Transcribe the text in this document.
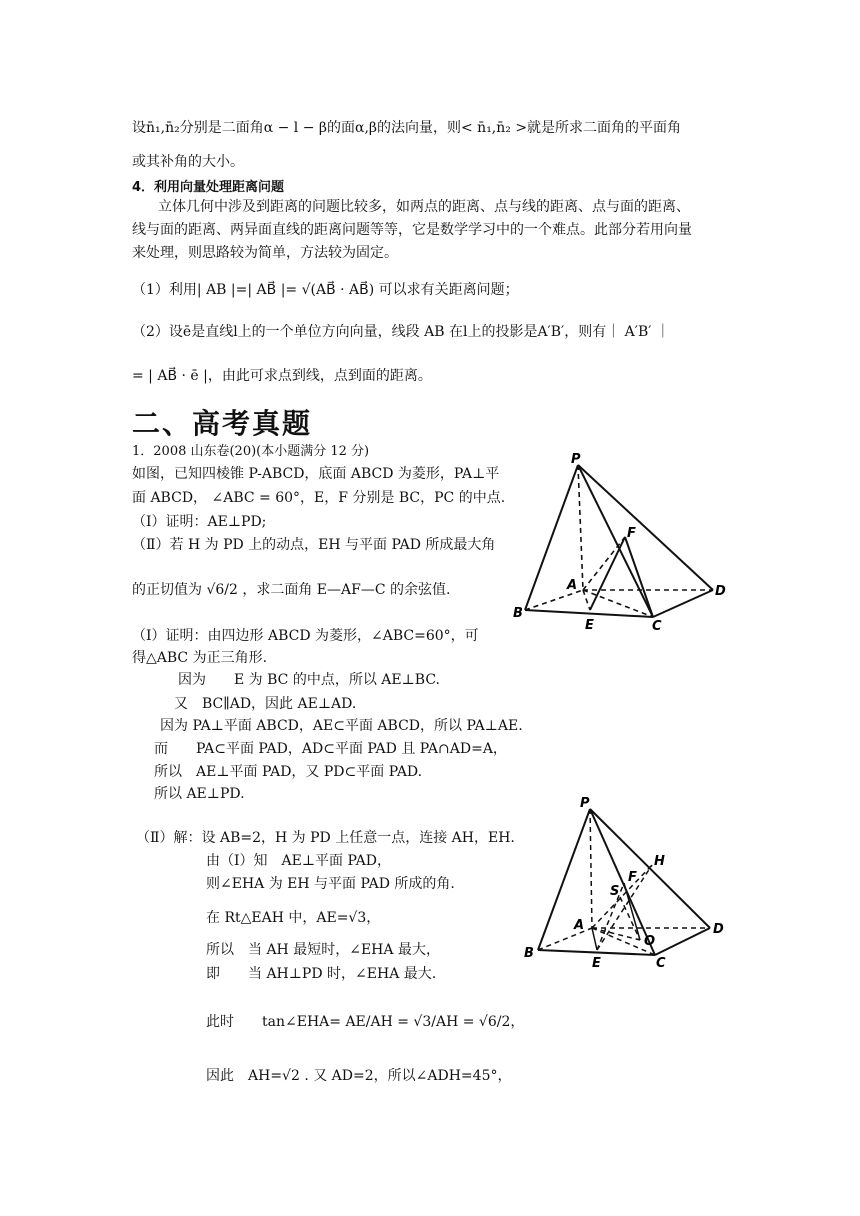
设n̄₁,n̄₂分别是二面角α − l − β的面α,β的法向量，则< n̄₁,n̄₂ >就是所求二面角的平面角
或其补角的大小。
4．利用向量处理距离问题
立体几何中涉及到距离的问题比较多，如两点的距离、点与线的距离、点与面的距离、
线与面的距离、两异面直线的距离问题等等，它是数学学习中的一个难点。此部分若用向量
来处理，则思路较为简单，方法较为固定。
（1）利用| AB |=| AB⃗ |= √(AB⃗ · AB⃗) 可以求有关距离问题；
（2）设ē是直线l上的一个单位方向向量，线段 AB 在l上的投影是A′B′，则有｜ A′B′ ｜
= | AB⃗ · ē |，由此可求点到线，点到面的距离。
二、高考真题
1．2008 山东卷(20)(本小题满分 12 分)
如图，已知四棱锥 P-ABCD，底面 ABCD 为菱形，PA⊥平
面 ABCD， ∠ABC = 60°，E，F 分别是 BC，PC 的中点.
（Ⅰ）证明：AE⊥PD;
（Ⅱ）若 H 为 PD 上的动点，EH 与平面 PAD 所成最大角
的正切值为 √6/2 ，求二面角 E—AF—C 的余弦值.
（Ⅰ）证明：由四边形 ABCD 为菱形，∠ABC=60°，可
得△ABC 为正三角形.
因为　　E 为 BC 的中点，所以 AE⊥BC.
又　BC∥AD，因此 AE⊥AD.
因为 PA⊥平面 ABCD，AE⊂平面 ABCD，所以 PA⊥AE.
而　　PA⊂平面 PAD，AD⊂平面 PAD 且 PA∩AD=A，
所以　AE⊥平面 PAD，又 PD⊂平面 PAD.
所以 AE⊥PD.
（Ⅱ）解：设 AB=2，H 为 PD 上任意一点，连接 AH，EH.
由（Ⅰ）知　AE⊥平面 PAD，
则∠EHA 为 EH 与平面 PAD 所成的角.
在 Rt△EAH 中，AE=√3，
所以　当 AH 最短时，∠EHA 最大，
即　　当 AH⊥PD 时，∠EHA 最大.
此时　　tan∠EHA= AE/AH = √3/AH = √6/2，
因此　AH=√2 . 又 AD=2，所以∠ADH=45°，
P
F
A	D
B
E	C
P
H
S
F
A
O
D
B
E	C
